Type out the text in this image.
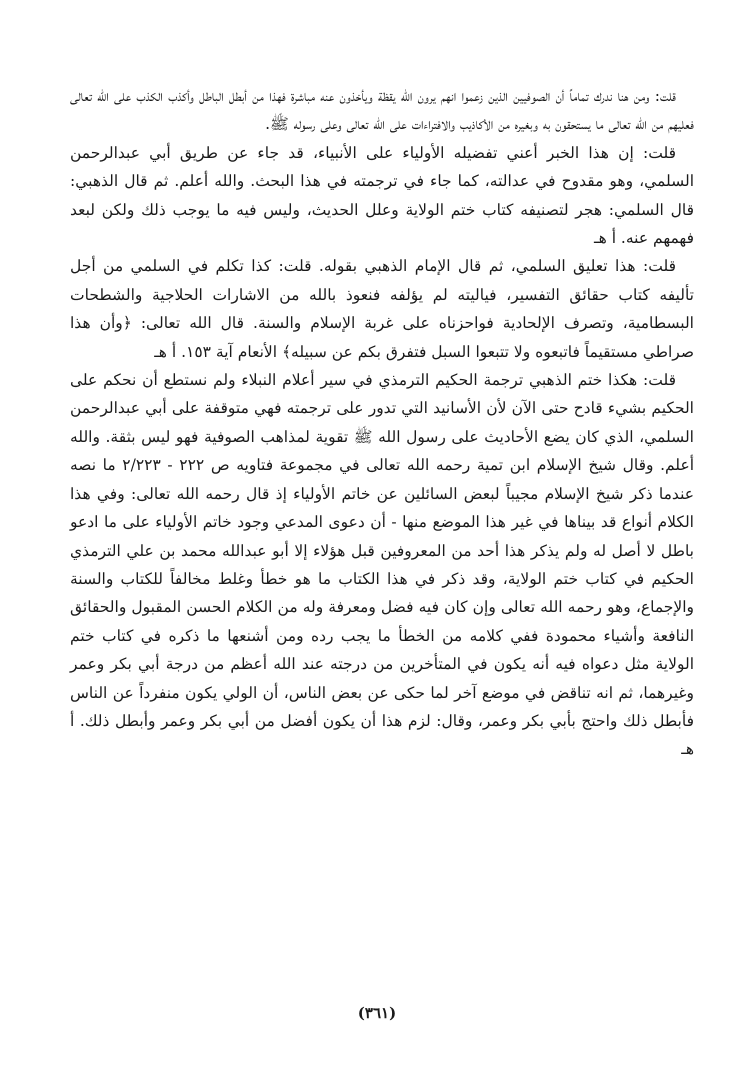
قلت: ومن هنا ندرك تماماً أن الصوفيين الذين زعموا انهم يرون الله يقظة ويأخذون عنه مباشرة فهذا من أبطل الباطل وأكذب الكذب على الله تعالى فعليهم من الله تعالى ما يستحقون به وبغيره من الأكاذيب والافتراءات على الله تعالى وعلى رسوله ﷺ.

قلت: إن هذا الخبر أعني تفضيله الأولياء على الأنبياء، قد جاء عن طريق أبي عبدالرحمن السلمي، وهو مقدوح في عدالته، كما جاء في ترجمته في هذا البحث. والله أعلم. ثم قال الذهبي: قال السلمي: هجر لتصنيفه كتاب ختم الولاية وعلل الحديث، وليس فيه ما يوجب ذلك ولكن لبعد فهمهم عنه. أ هـ

قلت: هذا تعليق السلمي، ثم قال الإمام الذهبي بقوله. قلت: كذا تكلم في السلمي من أجل تأليفه كتاب حقائق التفسير، فياليته لم يؤلفه فنعوذ بالله من الاشارات الحلاجية والشطحات البسطامية، وتصرف الإلحادية فواحزناه على غربة الإسلام والسنة. قال الله تعالى: ﴿وأن هذا صراطي مستقيماً فاتبعوه ولا تتبعوا السبل فتفرق بكم عن سبيله﴾ الأنعام آية ١٥٣. أ هـ

قلت: هكذا ختم الذهبي ترجمة الحكيم الترمذي في سير أعلام النبلاء ولم نستطع أن نحكم على الحكيم بشيء قادح حتى الآن لأن الأسانيد التي تدور على ترجمته فهي متوقفة على أبي عبدالرحمن السلمي، الذي كان يضع الأحاديث على رسول الله ﷺ تقوية لمذاهب الصوفية فهو ليس بثقة. والله أعلم. وقال شيخ الإسلام ابن تمية رحمه الله تعالى في مجموعة فتاويه ص ٢٢٢ - ٢/٢٢٣ ما نصه عندما ذكر شيخ الإسلام مجيباً لبعض السائلين عن خاتم الأولياء إذ قال رحمه الله تعالى: وفي هذا الكلام أنواع قد بيناها في غير هذا الموضع منها - أن دعوى المدعي وجود خاتم الأولياء على ما ادعو باطل لا أصل له ولم يذكر هذا أحد من المعروفين قبل هؤلاء إلا أبو عبدالله محمد بن علي الترمذي الحكيم في كتاب ختم الولاية، وقد ذكر في هذا الكتاب ما هو خطأ وغلط مخالفاً للكتاب والسنة والإجماع، وهو رحمه الله تعالى وإن كان فيه فضل ومعرفة وله من الكلام الحسن المقبول والحقائق النافعة وأشياء محمودة ففي كلامه من الخطأ ما يجب رده ومن أشنعها ما ذكره في كتاب ختم الولاية مثل دعواه فيه أنه يكون في المتأخرين من درجته عند الله أعظم من درجة أبي بكر وعمر وغيرهما، ثم انه تناقض في موضع آخر لما حكى عن بعض الناس، أن الولي يكون منفرداً عن الناس فأبطل ذلك واحتج بأبي بكر وعمر، وقال: لزم هذا أن يكون أفضل من أبي بكر وعمر وأبطل ذلك. أ هـ

(٣٦١)
